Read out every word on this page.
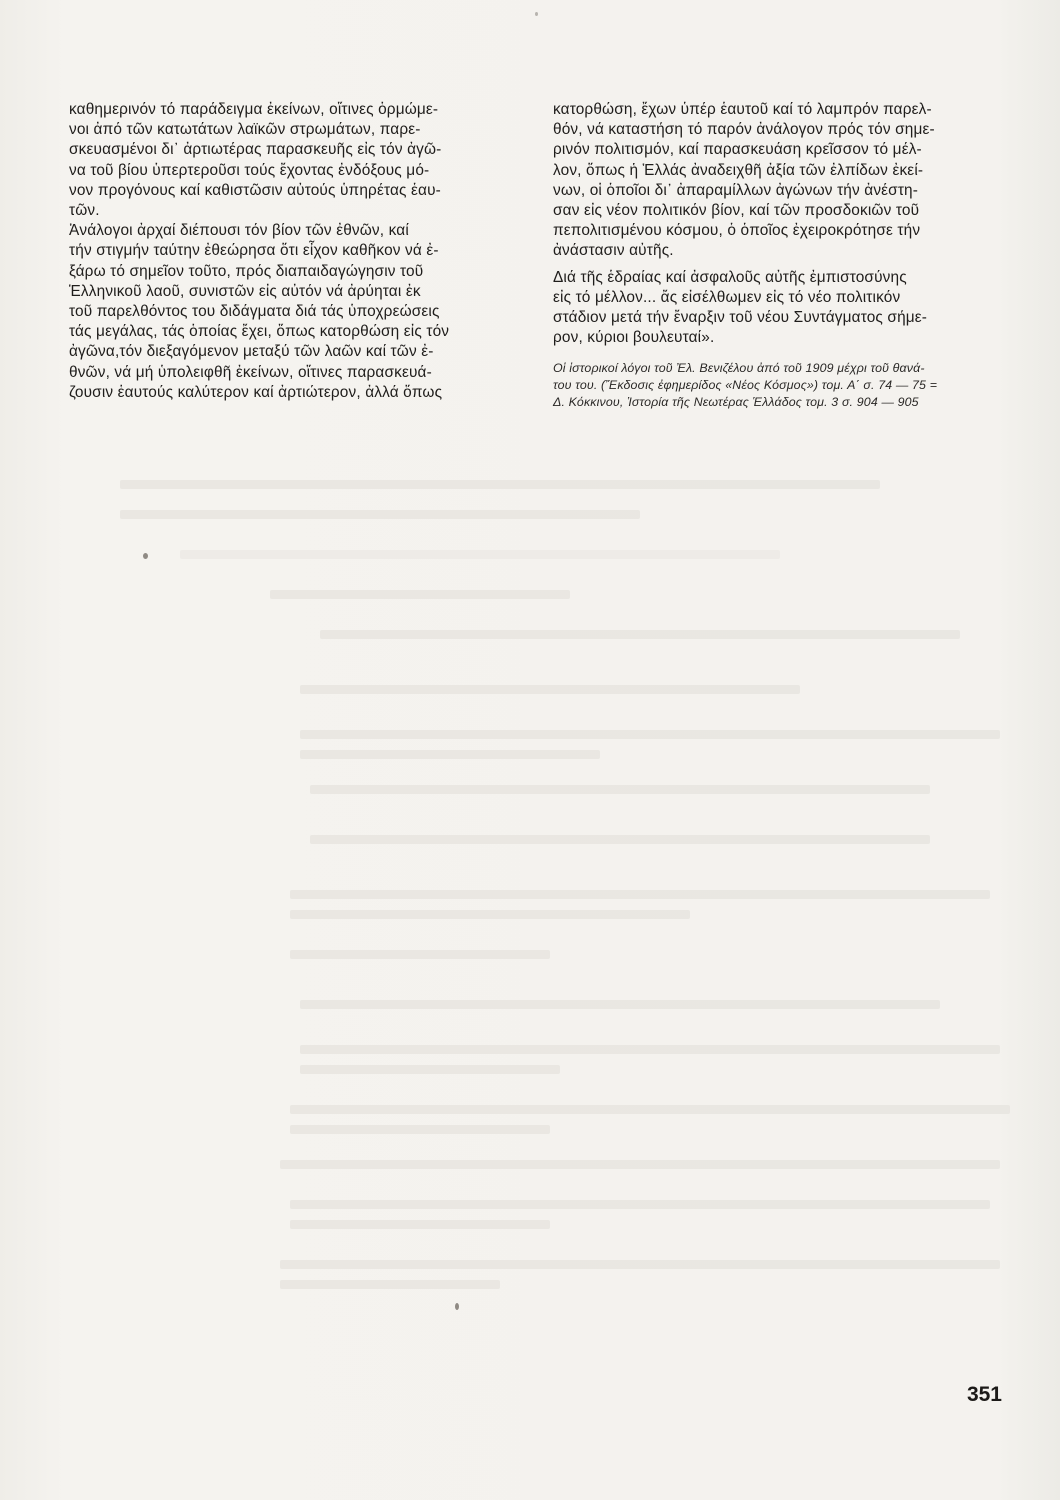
καθημερινόν τό παράδειγμα ἐκείνων, οἵτινες ὁρμώμε-
νοι ἀπό τῶν κατωτάτων λαϊκῶν στρωμάτων, παρε-
σκευασμένοι δι᾿ ἀρτιωτέρας παρασκευῆς εἰς τόν ἀγῶ-
να τοῦ βίου ὑπερτεροῦσι τούς ἔχοντας ἐνδόξους μό-
νον προγόνους καί καθιστῶσιν αὐτούς ὑπηρέτας ἑαυ-
τῶν.

Ἀνάλογοι ἀρχαί διέπουσι τόν βίον τῶν ἐθνῶν, καί
τήν στιγμήν ταύτην ἐθεώρησα ὅτι εἶχον καθῆκον νά ἐ-
ξάρω τό σημεῖον τοῦτο, πρός διαπαιδαγώγησιν τοῦ
Ἑλληνικοῦ λαοῦ, συνιστῶν εἰς αὐτόν νά ἀρύηται ἐκ
τοῦ παρελθόντος του διδάγματα διά τάς ὑποχρεώσεις
τάς μεγάλας, τάς ὁποίας ἔχει, ὅπως κατορθώση εἰς τόν
ἀγῶνα,τόν διεξαγόμενον μεταξύ τῶν λαῶν καί τῶν ἐ-
θνῶν, νά μή ὑπολειφθῆ ἐκείνων, οἵτινες παρασκευά-
ζουσιν ἑαυτούς καλύτερον καί ἀρτιώτερον, ἀλλά ὅπως

κατορθώση, ἔχων ὑπέρ ἑαυτοῦ καί τό λαμπρόν παρελ-
θόν, νά καταστήση τό παρόν ἀνάλογον πρός τόν σημε-
ρινόν πολιτισμόν, καί παρασκευάση κρεῖσσον τό μέλ-
λον, ὅπως ἡ Ἑλλάς ἀναδειχθῆ ἀξία τῶν ἐλπίδων ἐκεί-
νων, οἱ ὁποῖοι δι᾿ ἀπαραμίλλων ἀγώνων τήν ἀνέστη-
σαν εἰς νέον πολιτικόν βίον, καί τῶν προσδοκιῶν τοῦ
πεπολιτισμένου κόσμου, ὁ ὁποῖος ἐχειροκρότησε τήν
ἀνάστασιν αὐτῆς.

Διά τῆς ἑδραίας καί ἀσφαλοῦς αὐτῆς ἐμπιστοσύνης
εἰς τό μέλλον... ἄς εἰσέλθωμεν εἰς τό νέο πολιτικόν
στάδιον μετά τήν ἔναρξιν τοῦ νέου Συντάγματος σήμε-
ρον, κύριοι βουλευταί».

Οἱ ἱστορικοί λόγοι τοῦ Ἐλ. Βενιζέλου ἀπό τοῦ 1909 μέχρι τοῦ θανά-
του του. (Ἔκδοσις ἐφημερίδος «Νέος Κόσμος») τομ. Α΄ σ. 74 — 75 =
Δ. Κόκκινου, Ἱστορία τῆς Νεωτέρας Ἑλλάδος τομ. 3 σ. 904 — 905
351
